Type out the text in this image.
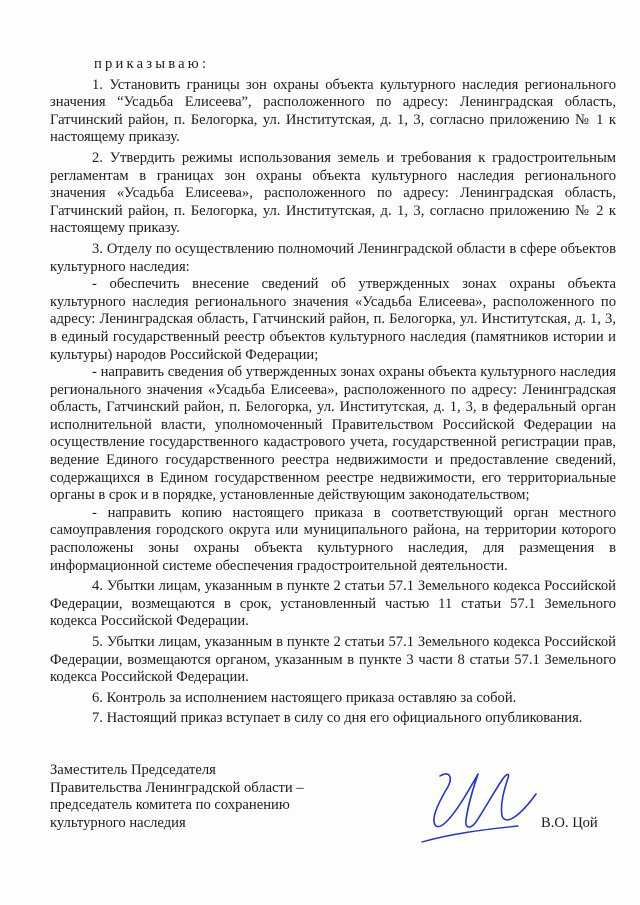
приказываю:

1. Установить границы зон охраны объекта культурного наследия регионального значения “Усадьба Елисеева”, расположенного по адресу: Ленинградская область, Гатчинский район, п. Белогорка, ул. Институтская, д. 1, 3, согласно приложению № 1 к настоящему приказу.

2. Утвердить режимы использования земель и требования к градостроительным регламентам в границах зон охраны объекта культурного наследия регионального значения «Усадьба Елисеева», расположенного по адресу: Ленинградская область, Гатчинский район, п. Белогорка, ул. Институтская, д. 1, 3, согласно приложению № 2 к настоящему приказу.

3. Отделу по осуществлению полномочий Ленинградской области в сфере объектов культурного наследия:

- обеспечить внесение сведений об утвержденных зонах охраны объекта культурного наследия регионального значения «Усадьба Елисеева», расположенного по адресу: Ленинградская область, Гатчинский район, п. Белогорка, ул. Институтская, д. 1, 3, в единый государственный реестр объектов культурного наследия (памятников истории и культуры) народов Российской Федерации;

- направить сведения об утвержденных зонах охраны объекта культурного наследия регионального значения «Усадьба Елисеева», расположенного по адресу: Ленинградская область, Гатчинский район, п. Белогорка, ул. Институтская, д. 1, 3, в федеральный орган исполнительной власти, уполномоченный Правительством Российской Федерации на осуществление государственного кадастрового учета, государственной регистрации прав, ведение Единого государственного реестра недвижимости и предоставление сведений, содержащихся в Едином государственном реестре недвижимости, его территориальные органы в срок и в порядке, установленные действующим законодательством;

- направить копию настоящего приказа в соответствующий орган местного самоуправления городского округа или муниципального района, на территории которого расположены зоны охраны объекта культурного наследия, для размещения в информационной системе обеспечения градостроительной деятельности.

4. Убытки лицам, указанным в пункте 2 статьи 57.1 Земельного кодекса Российской Федерации, возмещаются в срок, установленный частью 11 статьи 57.1 Земельного кодекса Российской Федерации.

5. Убытки лицам, указанным в пункте 2 статьи 57.1 Земельного кодекса Российской Федерации, возмещаются органом, указанным в пункте 3 части 8 статьи 57.1 Земельного кодекса Российской Федерации.

6. Контроль за исполнением настоящего приказа оставляю за собой.

7. Настоящий приказ вступает в силу со дня его официального опубликования.

Заместитель Председателя
Правительства Ленинградской области –
председатель комитета по сохранению
культурного наследия	В.О. Цой
